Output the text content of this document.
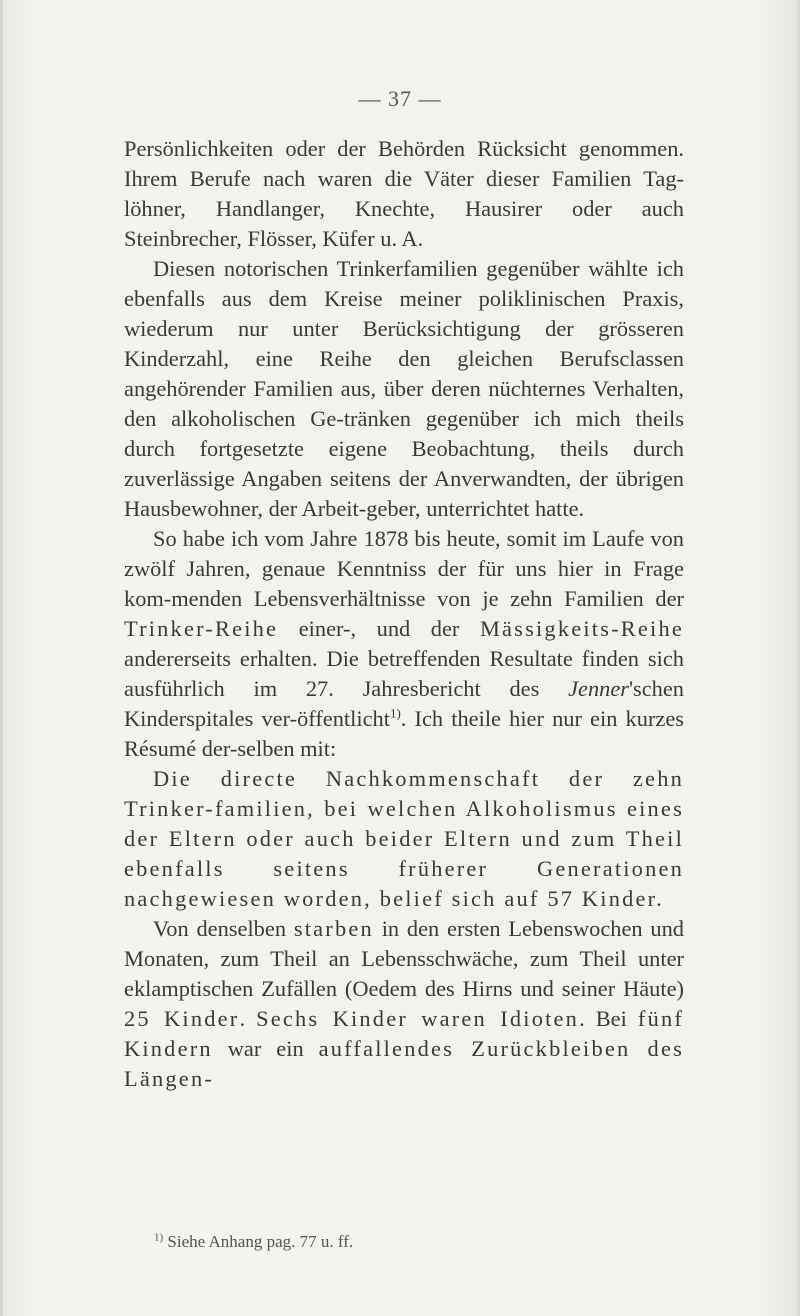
— 37 —

Persönlichkeiten oder der Behörden Rücksicht genommen. Ihrem Berufe nach waren die Väter dieser Familien Tag-löhner, Handlanger, Knechte, Hausirer oder auch Steinbrecher, Flösser, Küfer u. A.

Diesen notorischen Trinkerfamilien gegenüber wählte ich ebenfalls aus dem Kreise meiner poliklinischen Praxis, wiederum nur unter Berücksichtigung der grösseren Kinderzahl, eine Reihe den gleichen Berufsclassen angehörender Familien aus, über deren nüchternes Verhalten, den alkoholischen Ge-tränken gegenüber ich mich theils durch fortgesetzte eigene Beobachtung, theils durch zuverlässige Angaben seitens der Anverwandten, der übrigen Hausbewohner, der Arbeit-geber, unterrichtet hatte.

So habe ich vom Jahre 1878 bis heute, somit im Laufe von zwölf Jahren, genaue Kenntniss der für uns hier in Frage kom-menden Lebensverhältnisse von je zehn Familien der Trinker-Reihe einer-, und der Mässigkeits-Reihe andererseits erhalten. Die betreffenden Resultate finden sich ausführlich im 27. Jahresbericht des Jenner'schen Kinderspitales ver-öffentlicht$^{1)}$. Ich theile hier nur ein kurzes Résumé der-selben mit:

Die directe Nachkommenschaft der zehn Trinker-familien, bei welchen Alkoholismus eines der Eltern oder auch beider Eltern und zum Theil ebenfalls seitens früherer Generationen nachgewiesen worden, belief sich auf 57 Kinder.

Von denselben starben in den ersten Lebenswochen und Monaten, zum Theil an Lebensschwäche, zum Theil unter eklamptischen Zufällen (Oedem des Hirns und seiner Häute) 25 Kinder. Sechs Kinder waren Idioten. Bei fünf Kindern war ein auffallendes Zurückbleiben des Längen-

$^{1)}$ Siehe Anhang pag. 77 u. ff.
